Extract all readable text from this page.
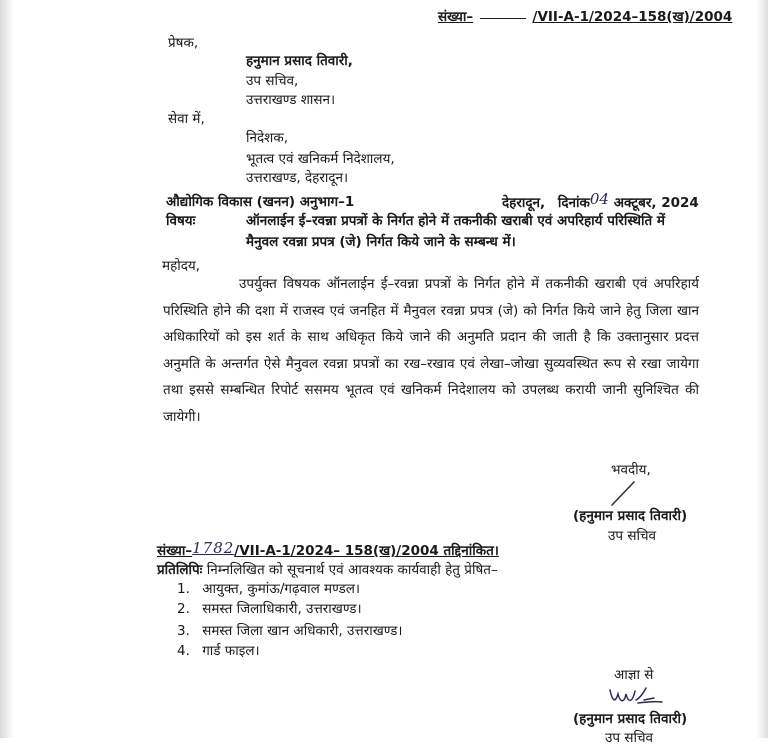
संख्या–	/VII-A-1/2024–158(ख)/2004
प्रेषक,
हनुमान प्रसाद तिवारी,
उप सचिव,
उत्तराखण्ड शासन।
सेवा में,
निदेशक,
भूतत्व एवं खनिकर्म निदेशालय,
उत्तराखण्ड, देहरादून।
औद्योगिक विकास (खनन) अनुभाग–1	देहरादून, दिनांक04 अक्टूबर, 2024
विषयः	ऑनलाईन ई–रवन्ना प्रपत्रों के निर्गत होने में तकनीकी खराबी एवं अपरिहार्य परिस्थिति में
मैनुवल रवन्ना प्रपत्र (जे) निर्गत किये जाने के सम्बन्ध में।
महोदय,
उपर्युक्त विषयक ऑनलाईन ई–रवन्ना प्रपत्रों के निर्गत होने में तकनीकी खराबी एवं अपरिहार्य परिस्थिति होने की दशा में राजस्व एवं जनहित में मैनुवल रवन्ना प्रपत्र (जे) को निर्गत किये जाने हेतु जिला खान अधिकारियों को इस शर्त के साथ अधिकृत किये जाने की अनुमति प्रदान की जाती है कि उक्तानुसार प्रदत्त अनुमति के अन्तर्गत ऐसे मैनुवल रवन्ना प्रपत्रों का रख–रखाव एवं लेखा–जोखा सुव्यवस्थित रूप से रखा जायेगा तथा इससे सम्बन्धित रिपोर्ट ससमय भूतत्व एवं खनिकर्म निदेशालय को उपलब्ध करायी जानी सुनिश्चित की जायेगी।
भवदीय,
(हनुमान प्रसाद तिवारी)
उप सचिव
संख्या–1782/VII-A-1/2024– 158(ख)/2004 तद्दिनांकित।
प्रतिलिपिः निम्नलिखित को सूचनार्थ एवं आवश्यक कार्यवाही हेतु प्रेषित–
1. आयुक्त, कुमांऊ/गढ़वाल मण्डल।
2. समस्त जिलाधिकारी, उत्तराखण्ड।
3. समस्त जिला खान अधिकारी, उत्तराखण्ड।
4. गार्ड फाइल।
आज्ञा से
(हनुमान प्रसाद तिवारी)
उप सचिव
